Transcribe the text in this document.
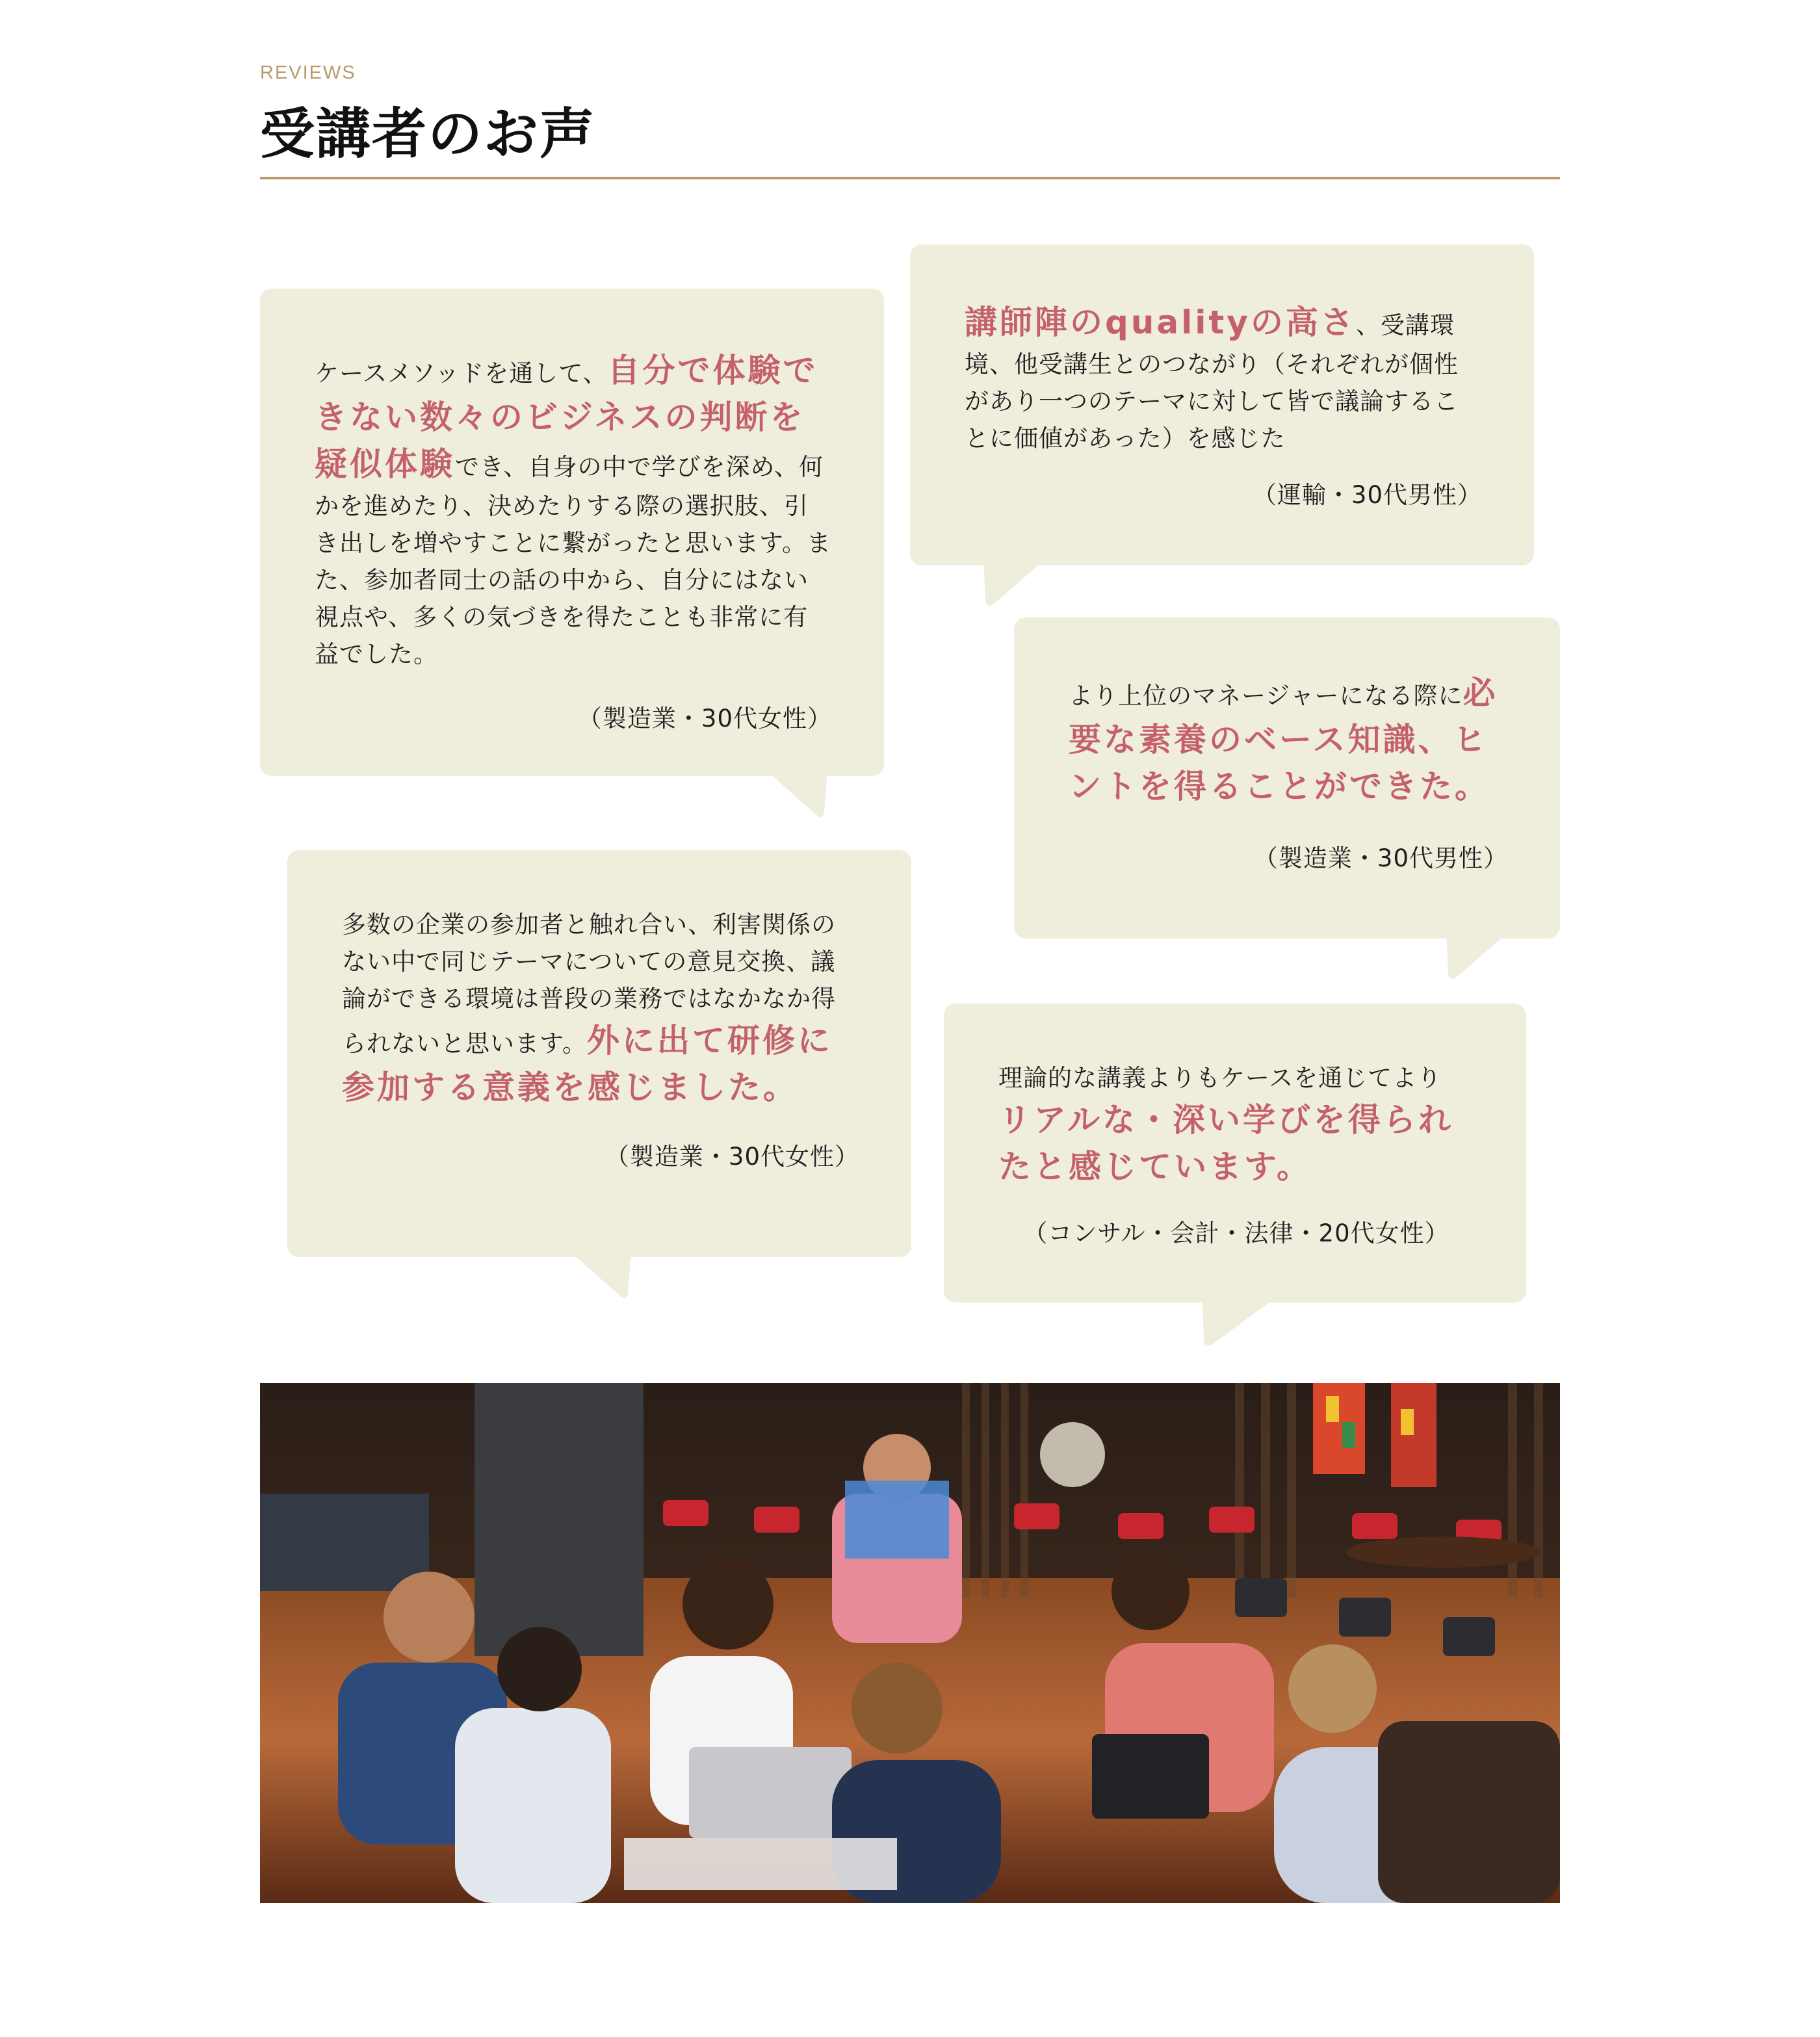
REVIEWS
受講者のお声

ケースメソッドを通して、自分で体験できない数々のビジネスの判断を疑似体験でき、自身の中で学びを深め、何かを進めたり、決めたりする際の選択肢、引き出しを増やすことに繋がったと思います。また、参加者同士の話の中から、自分にはない視点や、多くの気づきを得たことも非常に有益でした。

（製造業・30代女性）

講師陣のqualityの高さ、受講環境、他受講生とのつながり（それぞれが個性があり一つのテーマに対して皆で議論することに価値があった）を感じた

（運輸・30代男性）

より上位のマネージャーになる際に必要な素養のベース知識、ヒントを得ることができた。

（製造業・30代男性）

多数の企業の参加者と触れ合い、利害関係のない中で同じテーマについての意見交換、議論ができる環境は普段の業務ではなかなか得られないと思います。外に出て研修に参加する意義を感じました。

（製造業・30代女性）

理論的な講義よりもケースを通じてよりリアルな・深い学びを得られたと感じています。

（コンサル・会計・法律・20代女性）
